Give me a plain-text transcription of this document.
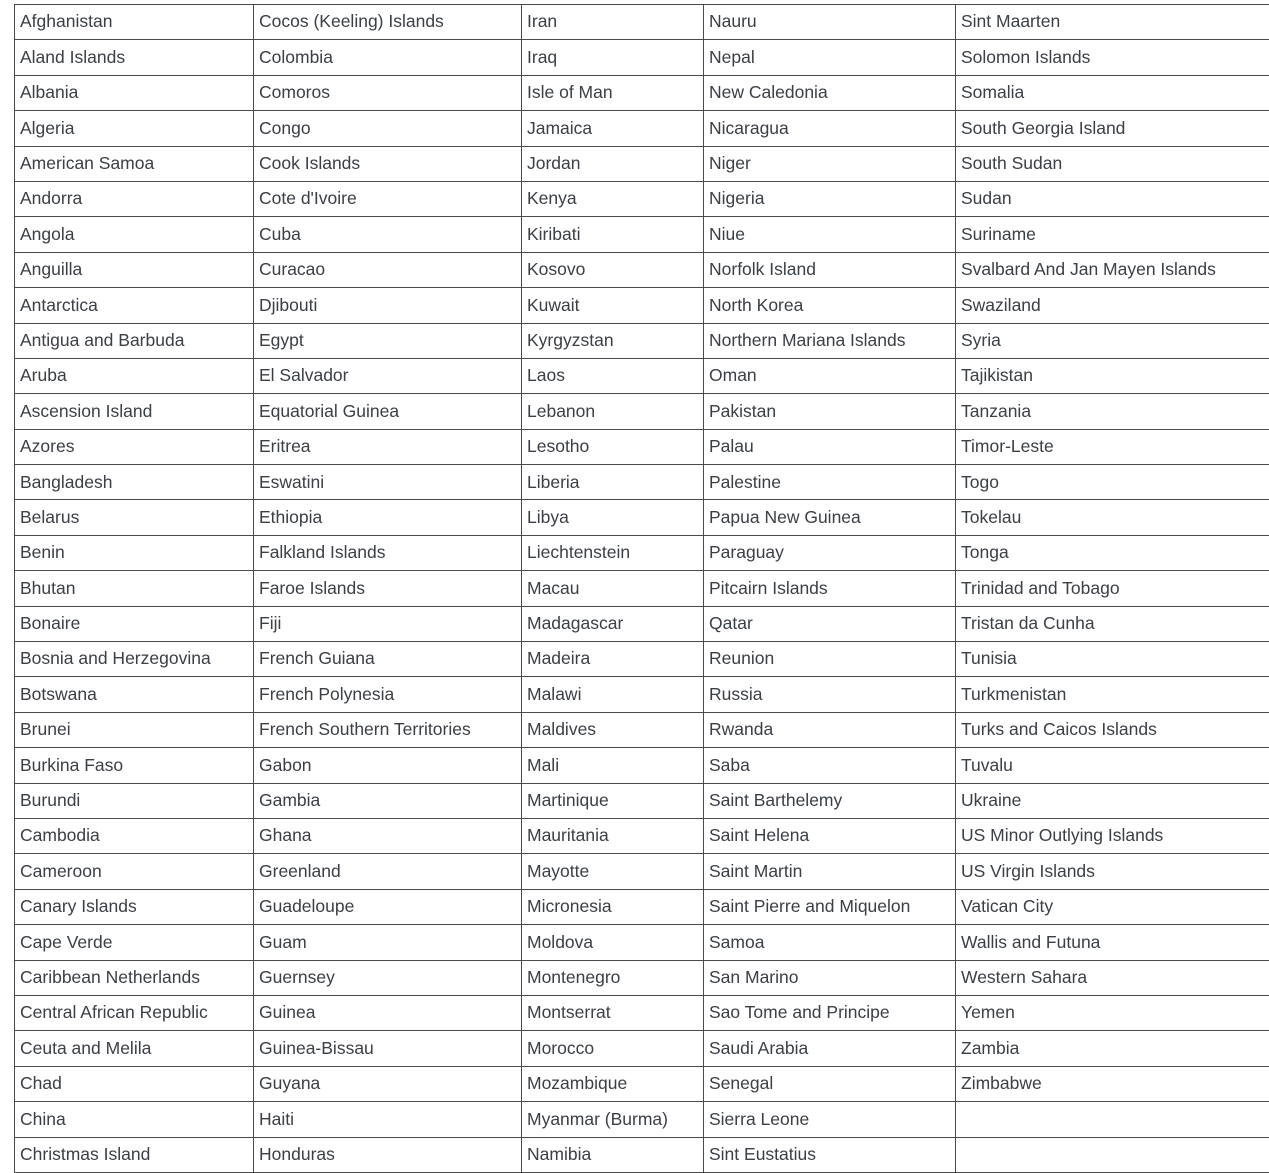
Afghanistan	Cocos (Keeling) Islands	Iran	Nauru	Sint Maarten
Aland Islands	Colombia	Iraq	Nepal	Solomon Islands
Albania	Comoros	Isle of Man	New Caledonia	Somalia
Algeria	Congo	Jamaica	Nicaragua	South Georgia Island
American Samoa	Cook Islands	Jordan	Niger	South Sudan
Andorra	Cote d'Ivoire	Kenya	Nigeria	Sudan
Angola	Cuba	Kiribati	Niue	Suriname
Anguilla	Curacao	Kosovo	Norfolk Island	Svalbard And Jan Mayen Islands
Antarctica	Djibouti	Kuwait	North Korea	Swaziland
Antigua and Barbuda	Egypt	Kyrgyzstan	Northern Mariana Islands	Syria
Aruba	El Salvador	Laos	Oman	Tajikistan
Ascension Island	Equatorial Guinea	Lebanon	Pakistan	Tanzania
Azores	Eritrea	Lesotho	Palau	Timor-Leste
Bangladesh	Eswatini	Liberia	Palestine	Togo
Belarus	Ethiopia	Libya	Papua New Guinea	Tokelau
Benin	Falkland Islands	Liechtenstein	Paraguay	Tonga
Bhutan	Faroe Islands	Macau	Pitcairn Islands	Trinidad and Tobago
Bonaire	Fiji	Madagascar	Qatar	Tristan da Cunha
Bosnia and Herzegovina	French Guiana	Madeira	Reunion	Tunisia
Botswana	French Polynesia	Malawi	Russia	Turkmenistan
Brunei	French Southern Territories	Maldives	Rwanda	Turks and Caicos Islands
Burkina Faso	Gabon	Mali	Saba	Tuvalu
Burundi	Gambia	Martinique	Saint Barthelemy	Ukraine
Cambodia	Ghana	Mauritania	Saint Helena	US Minor Outlying Islands
Cameroon	Greenland	Mayotte	Saint Martin	US Virgin Islands
Canary Islands	Guadeloupe	Micronesia	Saint Pierre and Miquelon	Vatican City
Cape Verde	Guam	Moldova	Samoa	Wallis and Futuna
Caribbean Netherlands	Guernsey	Montenegro	San Marino	Western Sahara
Central African Republic	Guinea	Montserrat	Sao Tome and Principe	Yemen
Ceuta and Melila	Guinea-Bissau	Morocco	Saudi Arabia	Zambia
Chad	Guyana	Mozambique	Senegal	Zimbabwe
China	Haiti	Myanmar (Burma)	Sierra Leone	
Christmas Island	Honduras	Namibia	Sint Eustatius	
